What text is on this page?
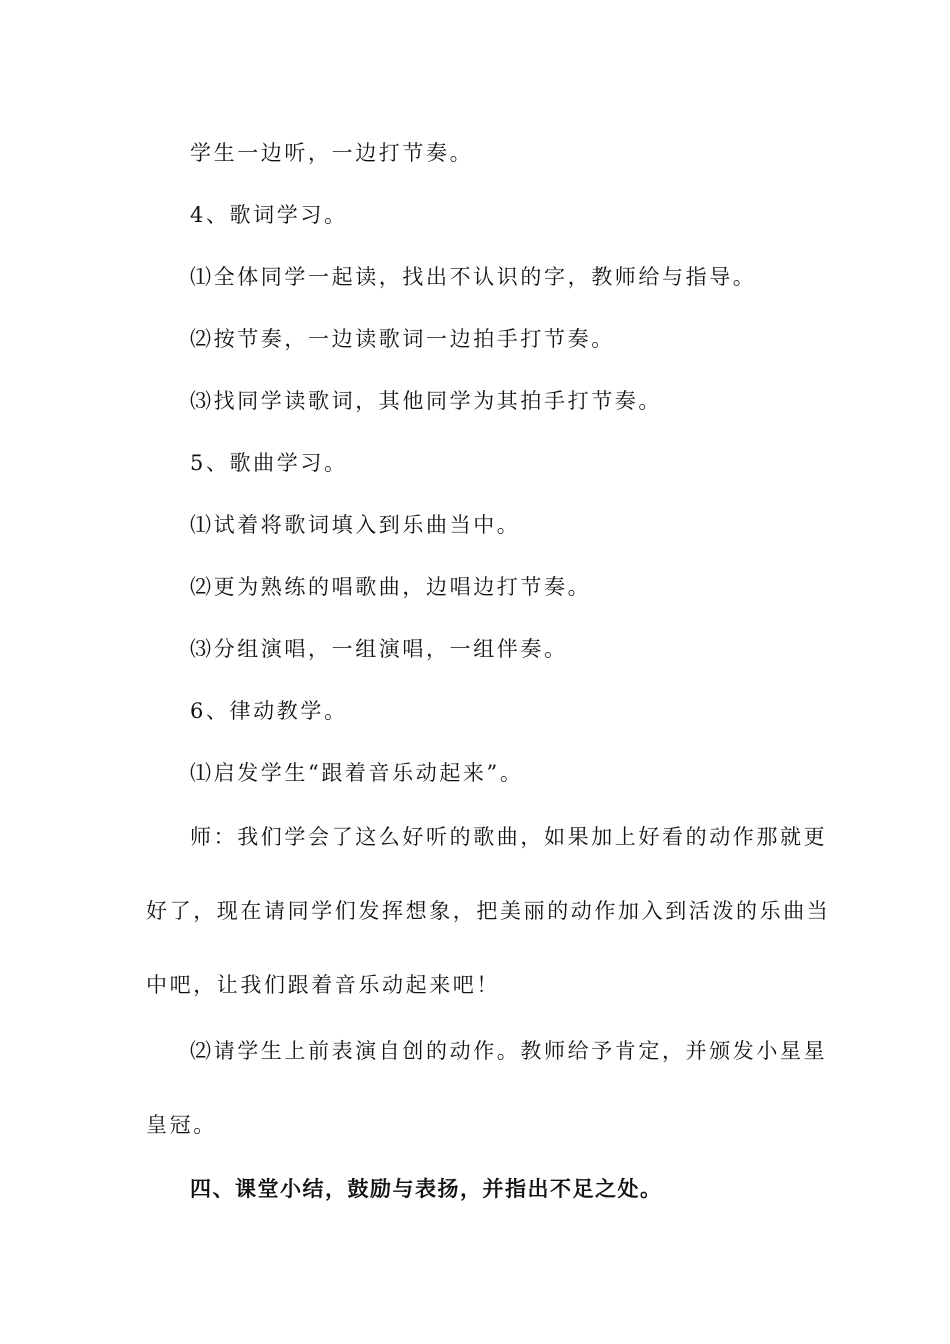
学生一边听，一边打节奏。
4、歌词学习。
⑴全体同学一起读，找出不认识的字，教师给与指导。
⑵按节奏，一边读歌词一边拍手打节奏。
⑶找同学读歌词，其他同学为其拍手打节奏。
5、歌曲学习。
⑴试着将歌词填入到乐曲当中。
⑵更为熟练的唱歌曲，边唱边打节奏。
⑶分组演唱，一组演唱，一组伴奏。
6、律动教学。
⑴启发学生“跟着音乐动起来”。
师：我们学会了这么好听的歌曲，如果加上好看的动作那就更
好了，现在请同学们发挥想象，把美丽的动作加入到活泼的乐曲当
中吧，让我们跟着音乐动起来吧！
⑵请学生上前表演自创的动作。教师给予肯定，并颁发小星星
皇冠。
四、课堂小结，鼓励与表扬，并指出不足之处。
